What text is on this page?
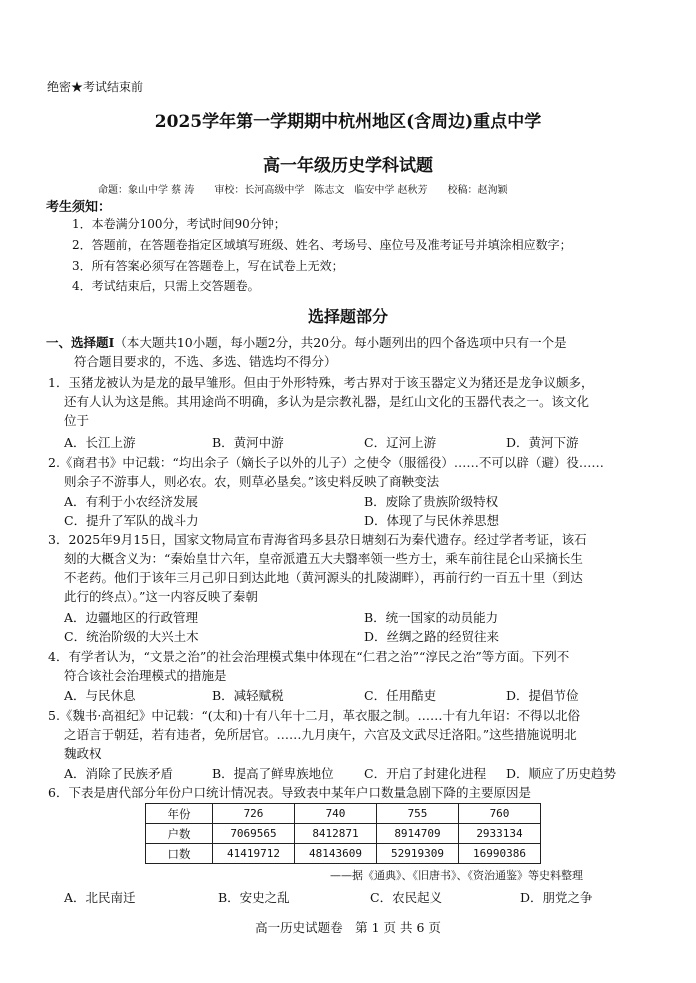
绝密★考试结束前
2025学年第一学期期中杭州地区(含周边)重点中学
高一年级历史学科试题
命题：象山中学 蔡 涛　　审校：长河高级中学　陈志文　临安中学 赵秋芳　　校稿：赵洵颖
考生须知：
1．本卷满分100分，考试时间90分钟；
2．答题前，在答题卷指定区域填写班级、姓名、考场号、座位号及准考证号并填涂相应数字；
3．所有答案必须写在答题卷上，写在试卷上无效；
4．考试结束后，只需上交答题卷。
选择题部分
一、选择题Ⅰ（本大题共10小题，每小题2分，共20分。每小题列出的四个备选项中只有一个是
符合题目要求的，不选、多选、错选均不得分）
1．玉猪龙被认为是龙的最早雏形。但由于外形特殊，考古界对于该玉器定义为猪还是龙争议颇多，
还有人认为这是熊。其用途尚不明确，多认为是宗教礼器，是红山文化的玉器代表之一。该文化
位于
A．长江上游	B．黄河中游	C．辽河上游	D．黄河下游
2.《商君书》中记载：“均出余子（嫡长子以外的儿子）之使令（服徭役）……不可以辟（避）役……
则余子不游事人，则必农。农，则草必垦矣。”该史料反映了商鞅变法
A．有利于小农经济发展	B．废除了贵族阶级特权
C．提升了军队的战斗力	D．体现了与民休养思想
3．2025年9月15日，国家文物局宣布青海省玛多县尕日塘刻石为秦代遗存。经过学者考证，该石
刻的大概含义为：“秦始皇廿六年，皇帝派遣五大夫翳率领一些方士，乘车前往昆仑山采摘长生
不老药。他们于该年三月己卯日到达此地（黄河源头的扎陵湖畔），再前行约一百五十里（到达
此行的终点）。”这一内容反映了秦朝
A．边疆地区的行政管理	B．统一国家的动员能力
C．统治阶级的大兴土木	D．丝绸之路的经贸往来
4．有学者认为，“文景之治”的社会治理模式集中体现在“仁君之治”“淳民之治”等方面。下列不
符合该社会治理模式的措施是
A．与民休息	B．减轻赋税	C．任用酷吏	D．提倡节俭
5.《魏书·高祖纪》中记载：“(太和)十有八年十二月，革衣服之制。……十有九年诏：不得以北俗
之语言于朝廷，若有违者，免所居官。……九月庚午，六宫及文武尽迁洛阳。”这些措施说明北
魏政权
A．消除了民族矛盾	B．提高了鲜卑族地位 C．开启了封建化进程 D．顺应了历史趋势
6．下表是唐代部分年份户口统计情况表。导致表中某年户口数量急剧下降的主要原因是
年份	726	740	755	760
户数	7069565	8412871	8914709	2933134
口数	41419712	48143609	52919309	16990386
——据《通典》、《旧唐书》、《资治通鉴》等史料整理
A．北民南迁	B．安史之乱	C．农民起义	D．朋党之争
高一历史试题卷　第 1 页 共 6 页
